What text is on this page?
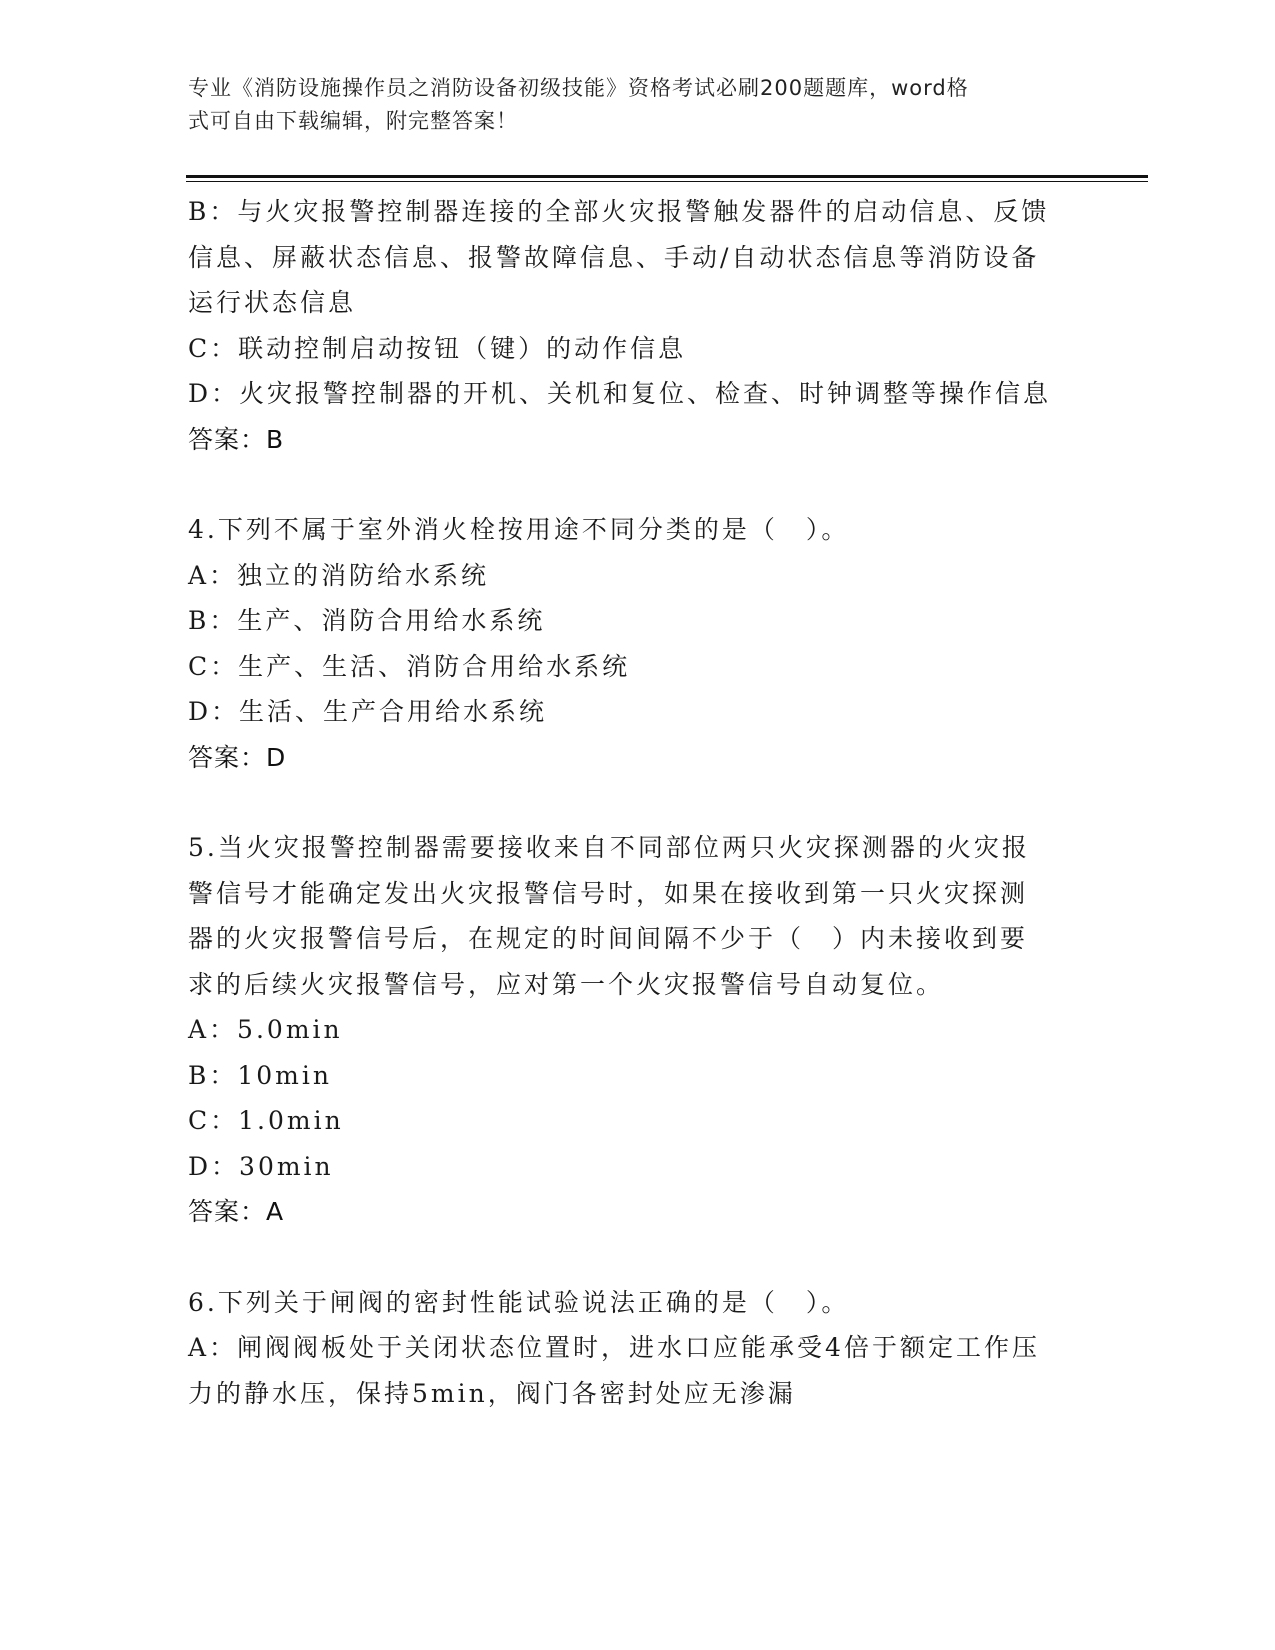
专业《消防设施操作员之消防设备初级技能》资格考试必刷200题题库，word格
式可自由下载编辑，附完整答案！
B：与火灾报警控制器连接的全部火灾报警触发器件的启动信息、反馈
信息、屏蔽状态信息、报警故障信息、手动/自动状态信息等消防设备
运行状态信息
C：联动控制启动按钮（键）的动作信息
D：火灾报警控制器的开机、关机和复位、检查、时钟调整等操作信息
答案：B
4.下列不属于室外消火栓按用途不同分类的是（　）。
A：独立的消防给水系统
B：生产、消防合用给水系统
C：生产、生活、消防合用给水系统
D：生活、生产合用给水系统
答案：D
5.当火灾报警控制器需要接收来自不同部位两只火灾探测器的火灾报
警信号才能确定发出火灾报警信号时，如果在接收到第一只火灾探测
器的火灾报警信号后，在规定的时间间隔不少于（　）内未接收到要
求的后续火灾报警信号，应对第一个火灾报警信号自动复位。
A：5.0min
B：10min
C：1.0min
D：30min
答案：A
6.下列关于闸阀的密封性能试验说法正确的是（　）。
A：闸阀阀板处于关闭状态位置时，进水口应能承受4倍于额定工作压
力的静水压，保持5min，阀门各密封处应无渗漏
